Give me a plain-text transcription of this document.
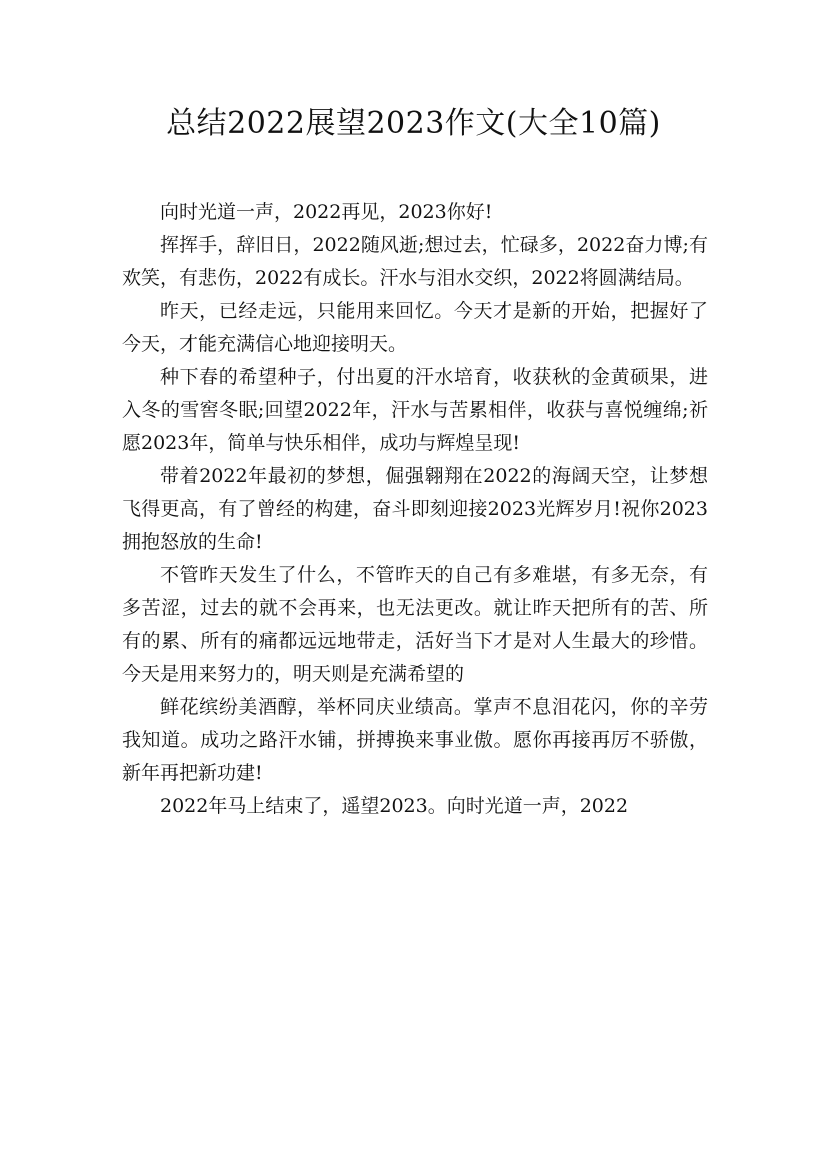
总结2022展望2023作文(大全10篇)

向时光道一声，2022再见，2023你好!

挥挥手，辞旧日，2022随风逝;想过去，忙碌多，2022奋力博;有欢笑，有悲伤，2022有成长。汗水与泪水交织，2022将圆满结局。

昨天，已经走远，只能用来回忆。今天才是新的开始，把握好了今天，才能充满信心地迎接明天。

种下春的希望种子，付出夏的汗水培育，收获秋的金黄硕果，进入冬的雪窖冬眠;回望2022年，汗水与苦累相伴，收获与喜悦缠绵;祈愿2023年，简单与快乐相伴，成功与辉煌呈现!

带着2022年最初的梦想，倔强翱翔在2022的海阔天空，让梦想飞得更高，有了曾经的构建，奋斗即刻迎接2023光辉岁月!祝你2023拥抱怒放的生命!

不管昨天发生了什么，不管昨天的自己有多难堪，有多无奈，有多苦涩，过去的就不会再来，也无法更改。就让昨天把所有的苦、所有的累、所有的痛都远远地带走，活好当下才是对人生最大的珍惜。今天是用来努力的，明天则是充满希望的

鲜花缤纷美酒醇，举杯同庆业绩高。掌声不息泪花闪，你的辛劳我知道。成功之路汗水铺，拼搏换来事业傲。愿你再接再厉不骄傲，新年再把新功建!

2022年马上结束了，遥望2023。向时光道一声，2022
